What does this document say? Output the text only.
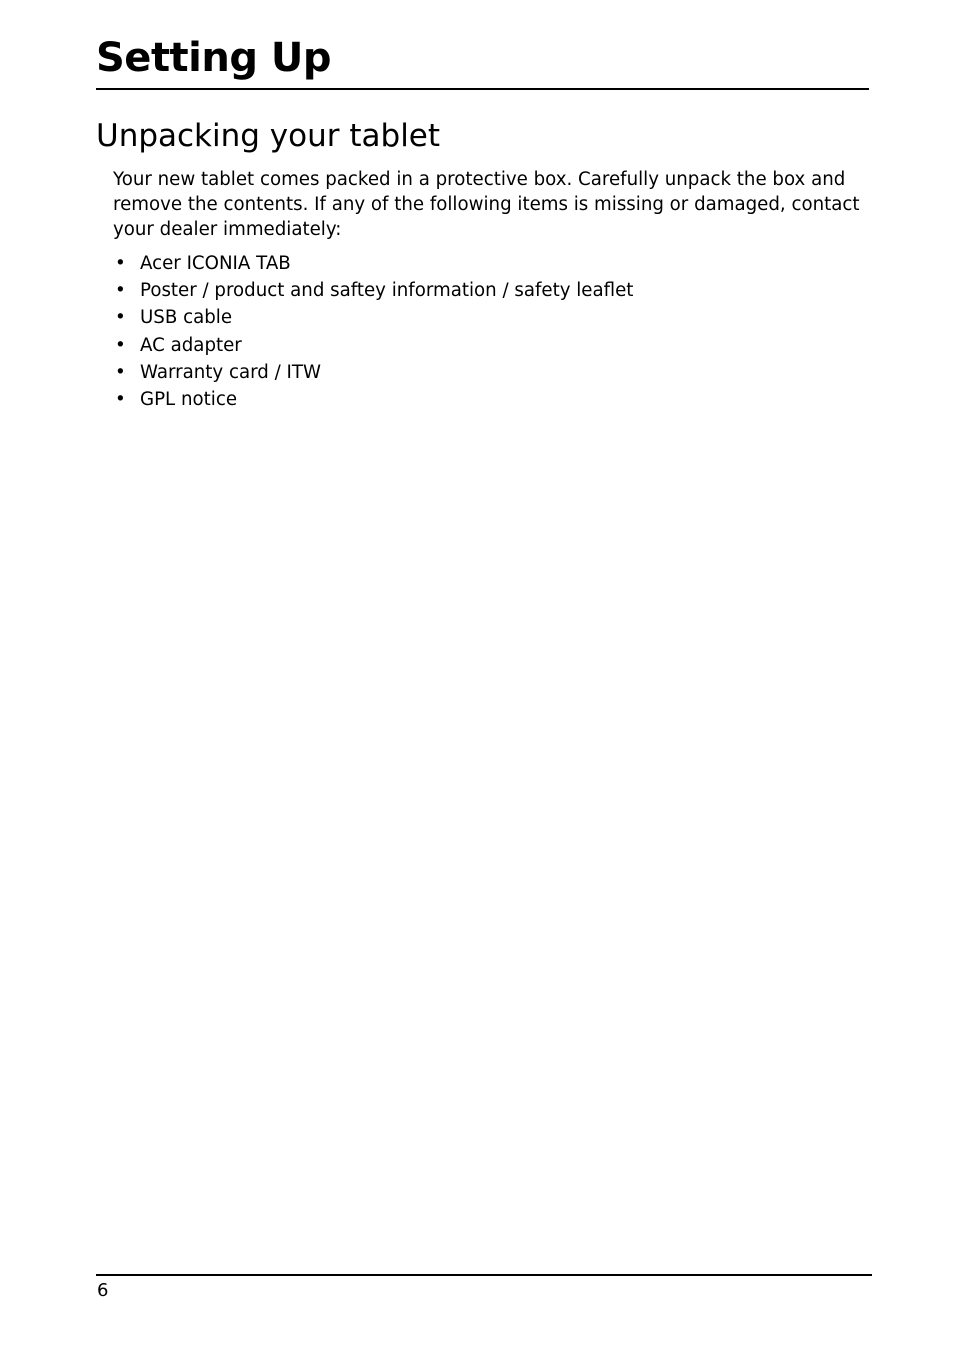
Setting Up
Unpacking your tablet

Your new tablet comes packed in a protective box. Carefully unpack the box and remove the contents. If any of the following items is missing or damaged, contact your dealer immediately:

• Acer ICONIA TAB
• Poster / product and saftey information / safety leaflet
• USB cable
• AC adapter
• Warranty card / ITW
• GPL notice

6
